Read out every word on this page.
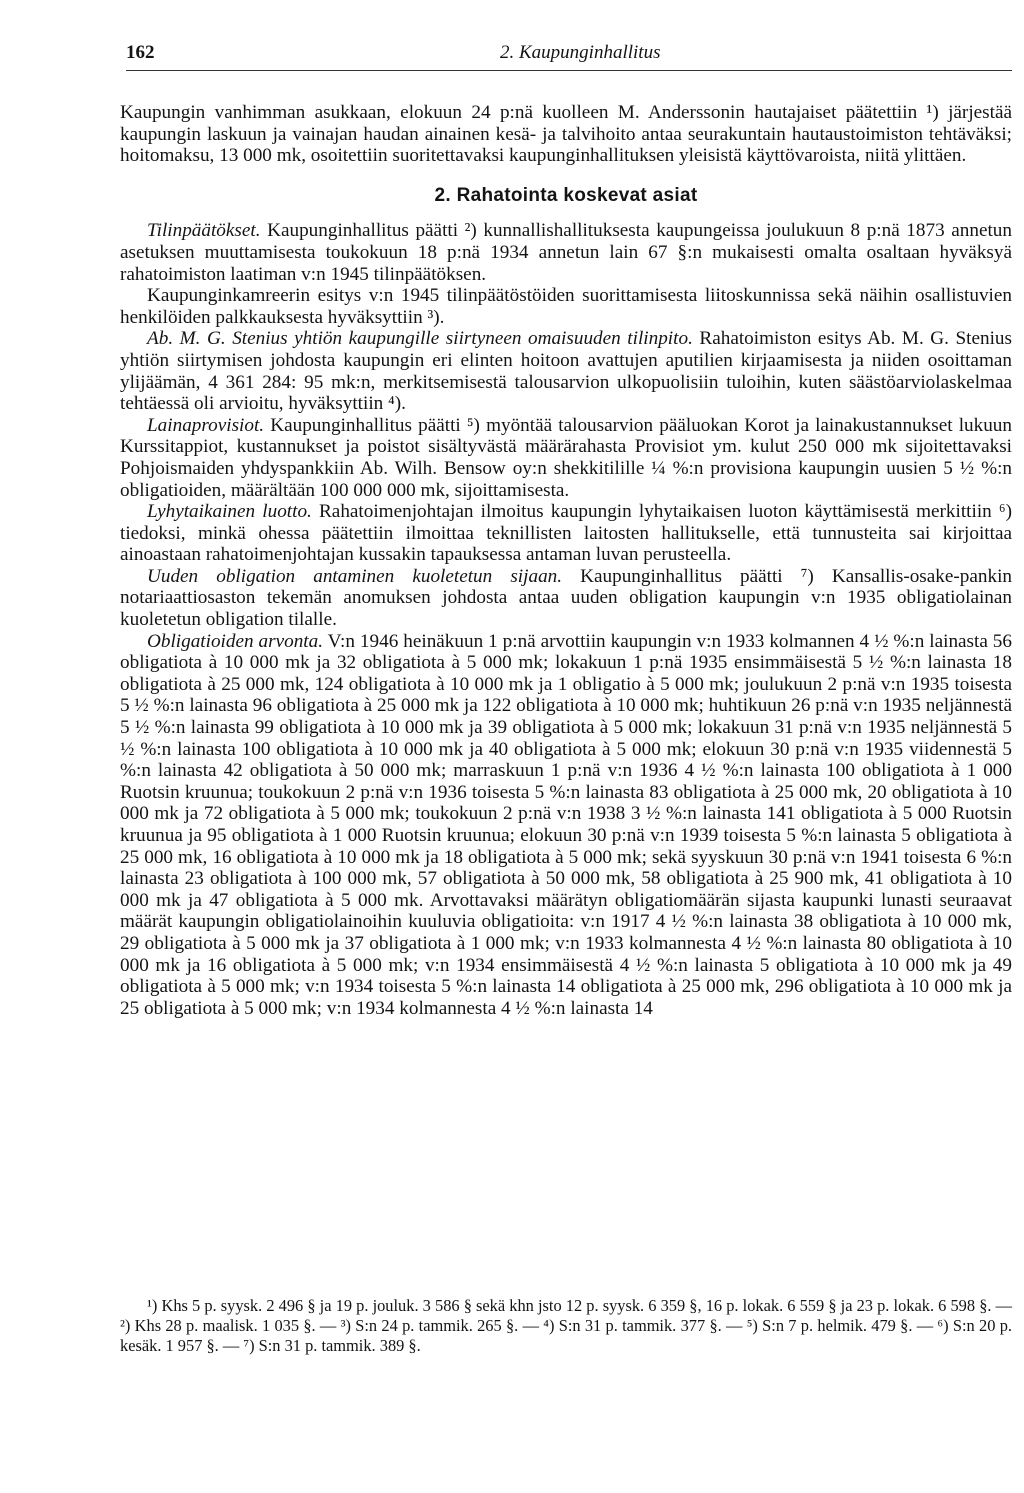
162	2. Kaupunginhallitus

Kaupungin vanhimman asukkaan, elokuun 24 p:nä kuolleen M. Anderssonin hautajaiset päätettiin ¹) järjestää kaupungin laskuun ja vainajan haudan ainainen kesä- ja talvihoito antaa seurakuntain hautaustoimiston tehtäväksi; hoitomaksu, 13 000 mk, osoitettiin suoritettavaksi kaupunginhallituksen yleisistä käyttövaroista, niitä ylittäen.

2. Rahatointa koskevat asiat

Tilinpäätökset. Kaupunginhallitus päätti ²) kunnallishallituksesta kaupungeissa joulukuun 8 p:nä 1873 annetun asetuksen muuttamisesta toukokuun 18 p:nä 1934 annetun lain 67 §:n mukaisesti omalta osaltaan hyväksyä rahatoimiston laatiman v:n 1945 tilinpäätöksen.

Kaupunginkamreerin esitys v:n 1945 tilinpäätöstöiden suorittamisesta liitoskunnissa sekä näihin osallistuvien henkilöiden palkkauksesta hyväksyttiin ³).

Ab. M. G. Stenius yhtiön kaupungille siirtyneen omaisuuden tilinpito. Rahatoimiston esitys Ab. M. G. Stenius yhtiön siirtymisen johdosta kaupungin eri elinten hoitoon avattujen aputilien kirjaamisesta ja niiden osoittaman ylijäämän, 4 361 284: 95 mk:n, merkitsemisestä talousarvion ulkopuolisiin tuloihin, kuten säästöarviolaskelmaa tehtäessä oli arvioitu, hyväksyttiin ⁴).

Lainaprovisiot. Kaupunginhallitus päätti ⁵) myöntää talousarvion pääluokan Korot ja lainakustannukset lukuun Kurssitappiot, kustannukset ja poistot sisältyvästä määrärahasta Provisiot ym. kulut 250 000 mk sijoitettavaksi Pohjoismaiden yhdyspankkiin Ab. Wilh. Bensow oy:n shekkitilille ¼ %:n provisiona kaupungin uusien 5 ½ %:n obligatioiden, määrältään 100 000 000 mk, sijoittamisesta.

Lyhytaikainen luotto. Rahatoimenjohtajan ilmoitus kaupungin lyhytaikaisen luoton käyttämisestä merkittiin ⁶) tiedoksi, minkä ohessa päätettiin ilmoittaa teknillisten laitosten hallitukselle, että tunnusteita sai kirjoittaa ainoastaan rahatoimenjohtajan kussakin tapauksessa antaman luvan perusteella.

Uuden obligation antaminen kuoletetun sijaan. Kaupunginhallitus päätti ⁷) Kansallis-osake-pankin notariaattiosaston tekemän anomuksen johdosta antaa uuden obligation kaupungin v:n 1935 obligatiolainan kuoletetun obligation tilalle.

Obligatioiden arvonta. V:n 1946 heinäkuun 1 p:nä arvottiin kaupungin v:n 1933 kolmannen 4 ½ %:n lainasta 56 obligatiota à 10 000 mk ja 32 obligatiota à 5 000 mk; lokakuun 1 p:nä 1935 ensimmäisestä 5 ½ %:n lainasta 18 obligatiota à 25 000 mk, 124 obligatiota à 10 000 mk ja 1 obligatio à 5 000 mk; joulukuun 2 p:nä v:n 1935 toisesta 5 ½ %:n lainasta 96 obligatiota à 25 000 mk ja 122 obligatiota à 10 000 mk; huhtikuun 26 p:nä v:n 1935 neljännestä 5 ½ %:n lainasta 99 obligatiota à 10 000 mk ja 39 obligatiota à 5 000 mk; lokakuun 31 p:nä v:n 1935 neljännestä 5 ½ %:n lainasta 100 obligatiota à 10 000 mk ja 40 obligatiota à 5 000 mk; elokuun 30 p:nä v:n 1935 viidennestä 5 %:n lainasta 42 obligatiota à 50 000 mk; marraskuun 1 p:nä v:n 1936 4 ½ %:n lainasta 100 obligatiota à 1 000 Ruotsin kruunua; toukokuun 2 p:nä v:n 1936 toisesta 5 %:n lainasta 83 obligatiota à 25 000 mk, 20 obligatiota à 10 000 mk ja 72 obligatiota à 5 000 mk; toukokuun 2 p:nä v:n 1938 3 ½ %:n lainasta 141 obligatiota à 5 000 Ruotsin kruunua ja 95 obligatiota à 1 000 Ruotsin kruunua; elokuun 30 p:nä v:n 1939 toisesta 5 %:n lainasta 5 obligatiota à 25 000 mk, 16 obligatiota à 10 000 mk ja 18 obligatiota à 5 000 mk; sekä syyskuun 30 p:nä v:n 1941 toisesta 6 %:n lainasta 23 obligatiota à 100 000 mk, 57 obligatiota à 50 000 mk, 58 obligatiota à 25 900 mk, 41 obligatiota à 10 000 mk ja 47 obligatiota à 5 000 mk. Arvottavaksi määrätyn obligatiomäärän sijasta kaupunki lunasti seuraavat määrät kaupungin obligatiolainoihin kuuluvia obligatioita: v:n 1917 4 ½ %:n lainasta 38 obligatiota à 10 000 mk, 29 obligatiota à 5 000 mk ja 37 obligatiota à 1 000 mk; v:n 1933 kolmannesta 4 ½ %:n lainasta 80 obligatiota à 10 000 mk ja 16 obligatiota à 5 000 mk; v:n 1934 ensimmäisestä 4 ½ %:n lainasta 5 obligatiota à 10 000 mk ja 49 obligatiota à 5 000 mk; v:n 1934 toisesta 5 %:n lainasta 14 obligatiota à 25 000 mk, 296 obligatiota à 10 000 mk ja 25 obligatiota à 5 000 mk; v:n 1934 kolmannesta 4 ½ %:n lainasta 14

¹) Khs 5 p. syysk. 2 496 § ja 19 p. jouluk. 3 586 § sekä khn jsto 12 p. syysk. 6 359 §, 16 p. lokak. 6 559 § ja 23 p. lokak. 6 598 §. — ²) Khs 28 p. maalisk. 1 035 §. — ³) S:n 24 p. tammik. 265 §. — ⁴) S:n 31 p. tammik. 377 §. — ⁵) S:n 7 p. helmik. 479 §. — ⁶) S:n 20 p. kesäk. 1 957 §. — ⁷) S:n 31 p. tammik. 389 §.
